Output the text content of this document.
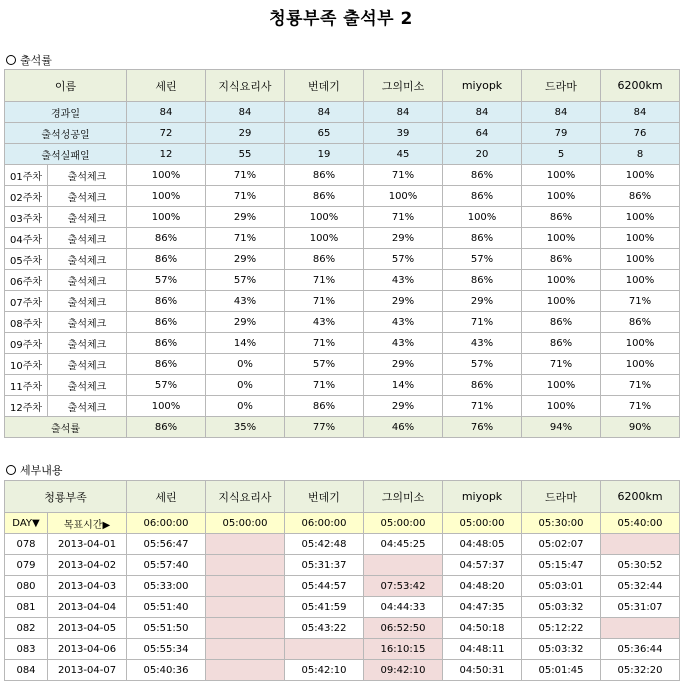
청룡부족 출석부 2
출석률
이름		세린	지식요리사	번데기	그의미소	miyopk	드라마	6200km
경과일		84	84	84	84	84	84	84
출석성공일		72	29	65	39	64	79	76
출석실패일		12	55	19	45	20	5	8
01주차	출석체크	100%	71%	86%	71%	86%	100%	100%
02주차	출석체크	100%	71%	86%	100%	86%	100%	86%
03주차	출석체크	100%	29%	100%	71%	100%	86%	100%
04주차	출석체크	86%	71%	100%	29%	86%	100%	100%
05주차	출석체크	86%	29%	86%	57%	57%	86%	100%
06주차	출석체크	57%	57%	71%	43%	86%	100%	100%
07주차	출석체크	86%	43%	71%	29%	29%	100%	71%
08주차	출석체크	86%	29%	43%	43%	71%	86%	86%
09주차	출석체크	86%	14%	71%	43%	43%	86%	100%
10주차	출석체크	86%	0%	57%	29%	57%	71%	100%
11주차	출석체크	57%	0%	71%	14%	86%	100%	71%
12주차	출석체크	100%	0%	86%	29%	71%	100%	71%
출석률		86%	35%	77%	46%	76%	94%	90%
세부내용
청룡부족		세린	지식요리사	번데기	그의미소	miyopk	드라마	6200km
DAY▼	목표시간▶	06:00:00	05:00:00	06:00:00	05:00:00	05:00:00	05:30:00	05:40:00
078	2013-04-01	05:56:47		05:42:48	04:45:25	04:48:05	05:02:07	
079	2013-04-02	05:57:40		05:31:37		04:57:37	05:15:47	05:30:52
080	2013-04-03	05:33:00		05:44:57	07:53:42	04:48:20	05:03:01	05:32:44
081	2013-04-04	05:51:40		05:41:59	04:44:33	04:47:35	05:03:32	05:31:07
082	2013-04-05	05:51:50		05:43:22	06:52:50	04:50:18	05:12:22	
083	2013-04-06	05:55:34			16:10:15	04:48:11	05:03:32	05:36:44
084	2013-04-07	05:40:36		05:42:10	09:42:10	04:50:31	05:01:45	05:32:20
